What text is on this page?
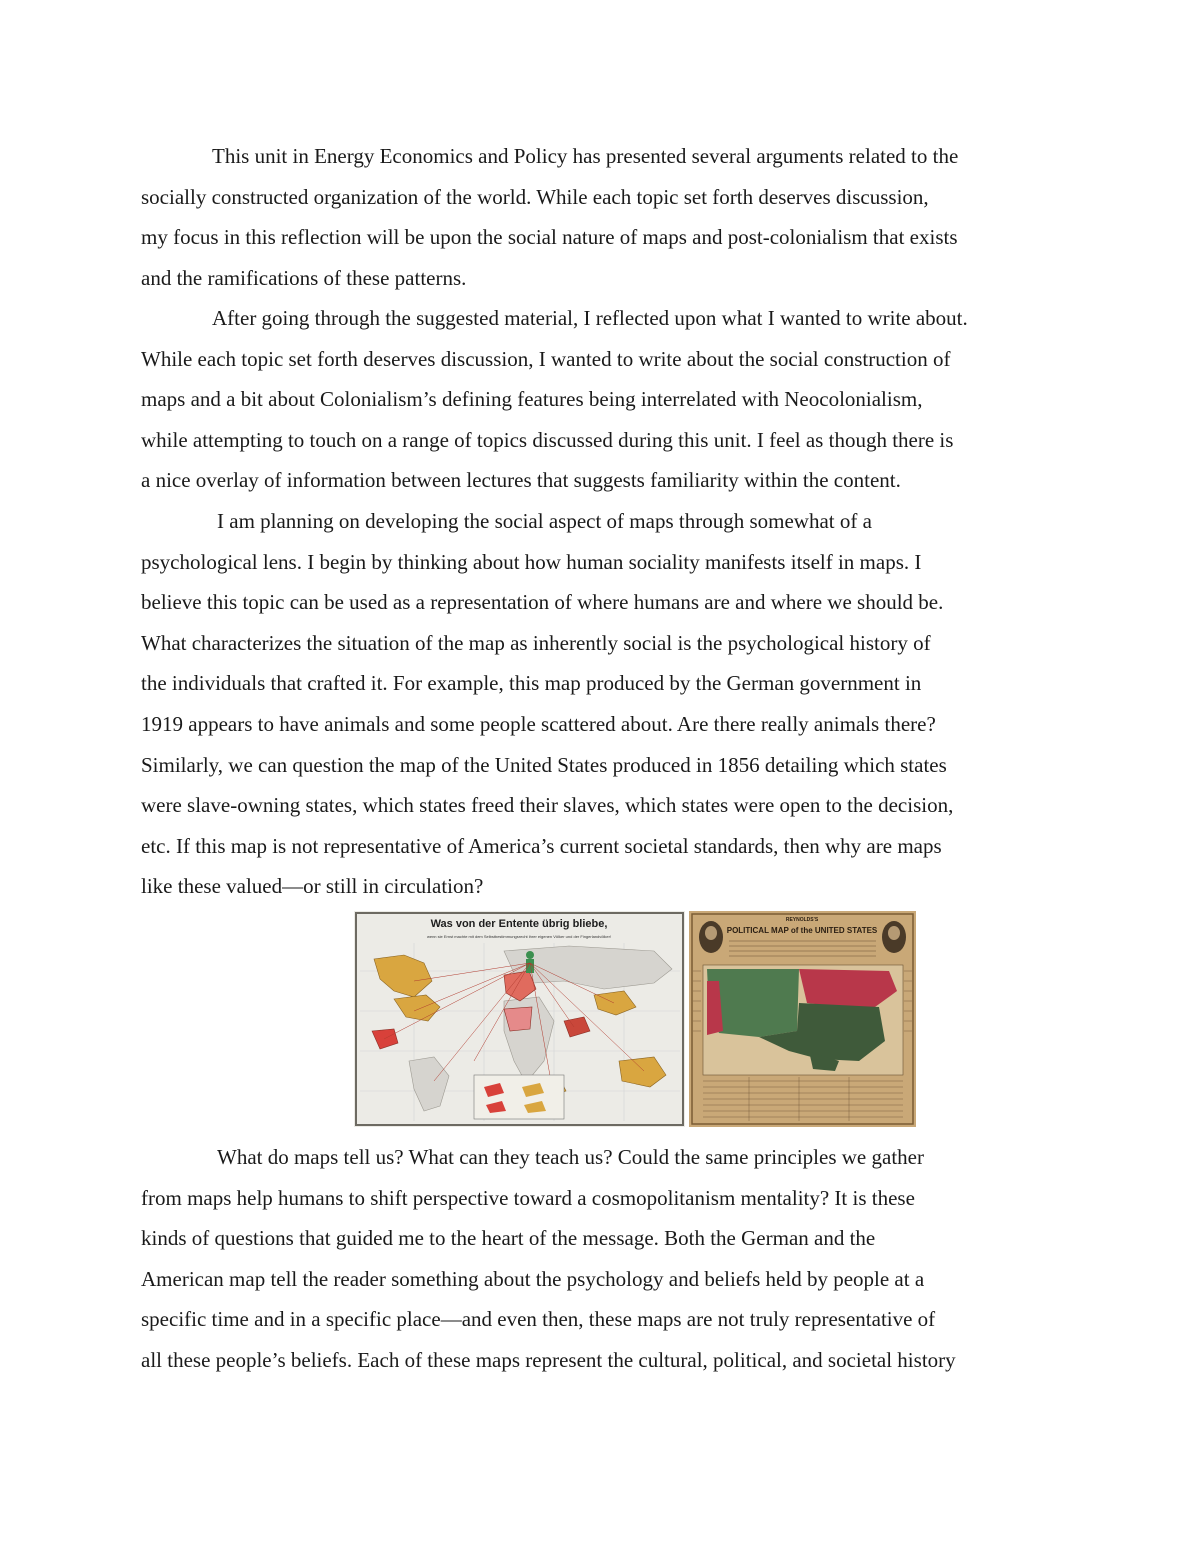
This unit in Energy Economics and Policy has presented several arguments related to the
socially constructed organization of the world. While each topic set forth deserves discussion,
my focus in this reflection will be upon the social nature of maps and post-colonialism that exists
and the ramifications of these patterns.
After going through the suggested material, I reflected upon what I wanted to write about.
While each topic set forth deserves discussion, I wanted to write about the social construction of
maps and a bit about Colonialism’s defining features being interrelated with Neocolonialism,
while attempting to touch on a range of topics discussed during this unit. I feel as though there is
a nice overlay of information between lectures that suggests familiarity within the content.
I am planning on developing the social aspect of maps through somewhat of a
psychological lens. I begin by thinking about how human sociality manifests itself in maps. I
believe this topic can be used as a representation of where humans are and where we should be.
What characterizes the situation of the map as inherently social is the psychological history of
the individuals that crafted it. For example, this map produced by the German government in
1919 appears to have animals and some people scattered about. Are there really animals there?
Similarly, we can question the map of the United States produced in 1856 detailing which states
were slave-owning states, which states freed their slaves, which states were open to the decision,
etc. If this map is not representative of America’s current societal standards, then why are maps
like these valued—or still in circulation?
Was von der Entente übrig bliebe,
wenn sie Ernst machte mit dem Selbstbestimmungsrecht ihrer eigenen Völker und der Fingerlandvölker!
REYNOLDS'S
POLITICAL MAP of the UNITED STATES
What do maps tell us? What can they teach us? Could the same principles we gather
from maps help humans to shift perspective toward a cosmopolitanism mentality? It is these
kinds of questions that guided me to the heart of the message. Both the German and the
American map tell the reader something about the psychology and beliefs held by people at a
specific time and in a specific place—and even then, these maps are not truly representative of
all these people’s beliefs. Each of these maps represent the cultural, political, and societal history
